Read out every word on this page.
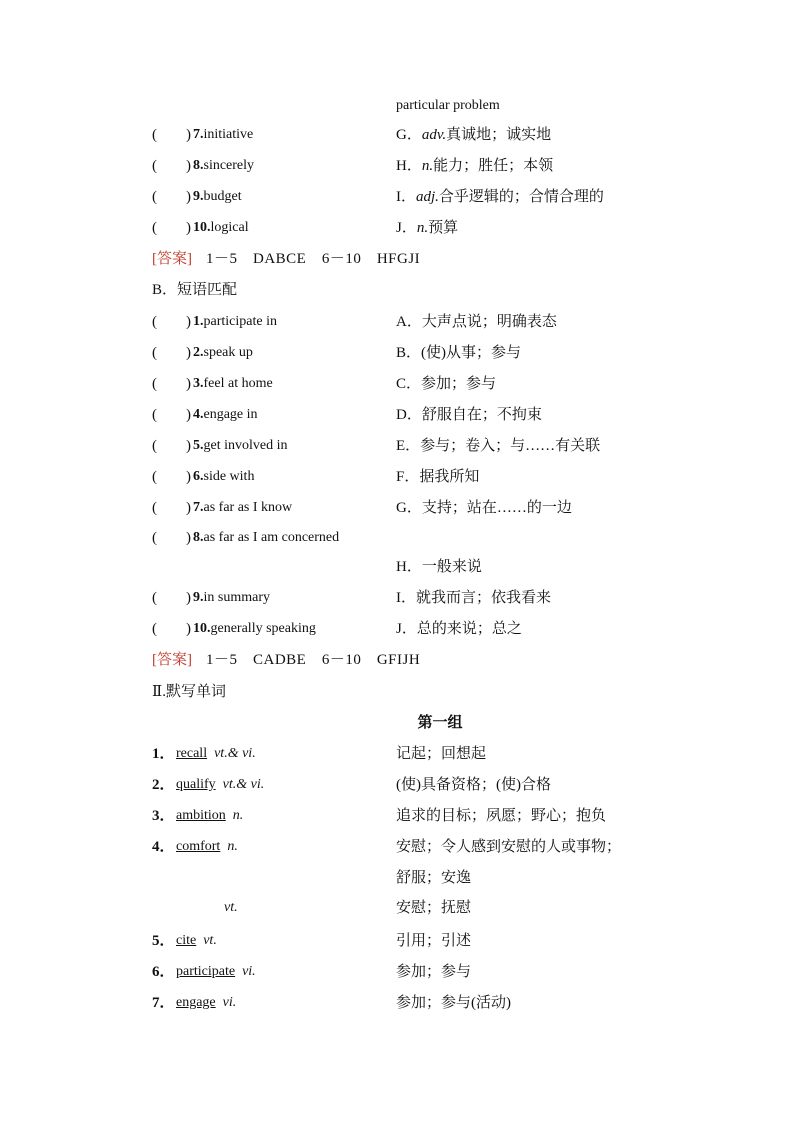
particular problem
( ) 7.initiative	G．adv.真诚地；诚实地
( ) 8.sincerely	H．n.能力；胜任；本领
( ) 9.budget	I．adj.合乎逻辑的；合情合理的
( ) 10.logical	J．n.预算
[答案] 1－5　DABCE　6－10　HFGJI
B．短语匹配
( ) 1.participate in	A．大声点说；明确表态
( ) 2.speak up	B．(使)从事；参与
( ) 3.feel at home	C．参加；参与
( ) 4.engage in	D．舒服自在；不拘束
( ) 5.get involved in	E．参与；卷入；与……有关联
( ) 6.side with	F．据我所知
( ) 7.as far as I know	G．支持；站在……的一边
( ) 8.as far as I am concerned
H．一般来说
( ) 9.in summary	I．就我而言；依我看来
( ) 10.generally speaking	J．总的来说；总之
[答案] 1－5　CADBE　6－10　GFIJH
Ⅱ.默写单词
第一组
1． recall vt.& vi.	记起；回想起
2． qualify vt.& vi.	(使)具备资格；(使)合格
3． ambition n.	追求的目标；夙愿；野心；抱负
4． comfort n.	安慰；令人感到安慰的人或事物；
舒服；安逸
vt.	安慰；抚慰
5． cite vt.	引用；引述
6． participate vi.	参加；参与
7． engage vi.	参加；参与(活动)
